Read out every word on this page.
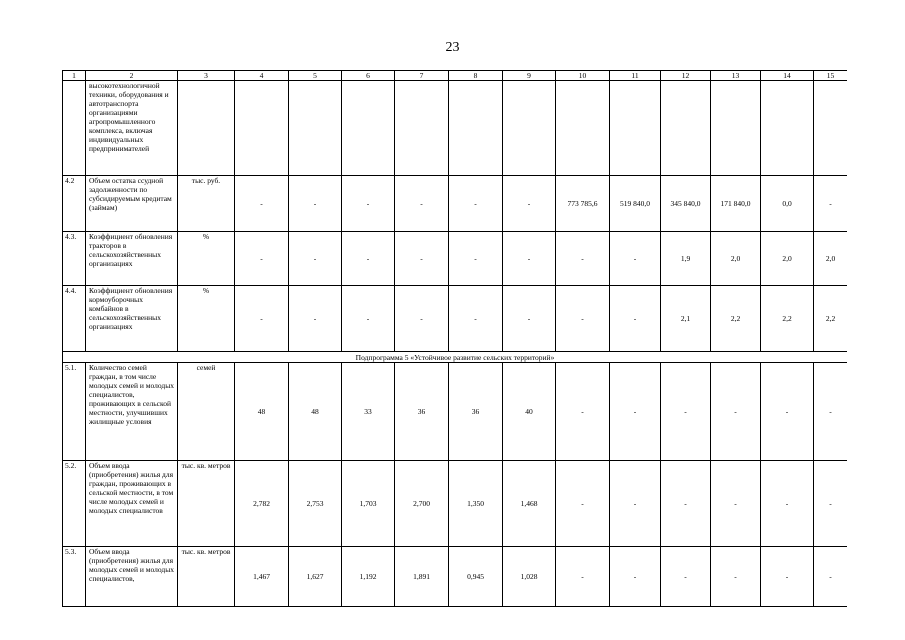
23
1	2	3	4	5	6	7	8	9	10	11	12	13	14	15
	высокотехнологичной техники, оборудования и автотранспорта организациями агропромышленного комплекса, включая индивидуальных предпринимателей													
4.2	Объем остатка ссудной задолженности по субсидируемым кредитам (займам)	тыс. руб.	-	-	-	-	-	-	773 785,6	519 840,0	345 840,0	171 840,0	0,0	-
4.3.	Коэффициент обновления тракторов в сельскохозяйственных организациях	%	-	-	-	-	-	-	-	-	1,9	2,0	2,0	2,0
4.4.	Коэффициент обновления кормоуборочных комбайнов в сельскохозяйственных организациях	%	-	-	-	-	-	-	-	-	2,1	2,2	2,2	2,2
Подпрограмма 5 «Устойчивое развитие сельских территорий»														
5.1.	Количество семей граждан, в том числе молодых семей и молодых специалистов, проживающих в сельской местности, улучшивших жилищные условия	семей	48	48	33	36	36	40	-	-	-	-	-	-
5.2.	Объем ввода (приобретения) жилья для граждан, проживающих в сельской местности, в том числе молодых семей и молодых специалистов	тыс. кв. метров	2,782	2,753	1,703	2,700	1,350	1,468	-	-	-	-	-	-
5.3.	Объем ввода (приобретения) жилья для молодых семей и молодых специалистов,	тыс. кв. метров	1,467	1,627	1,192	1,891	0,945	1,028	-	-	-	-	-	-
